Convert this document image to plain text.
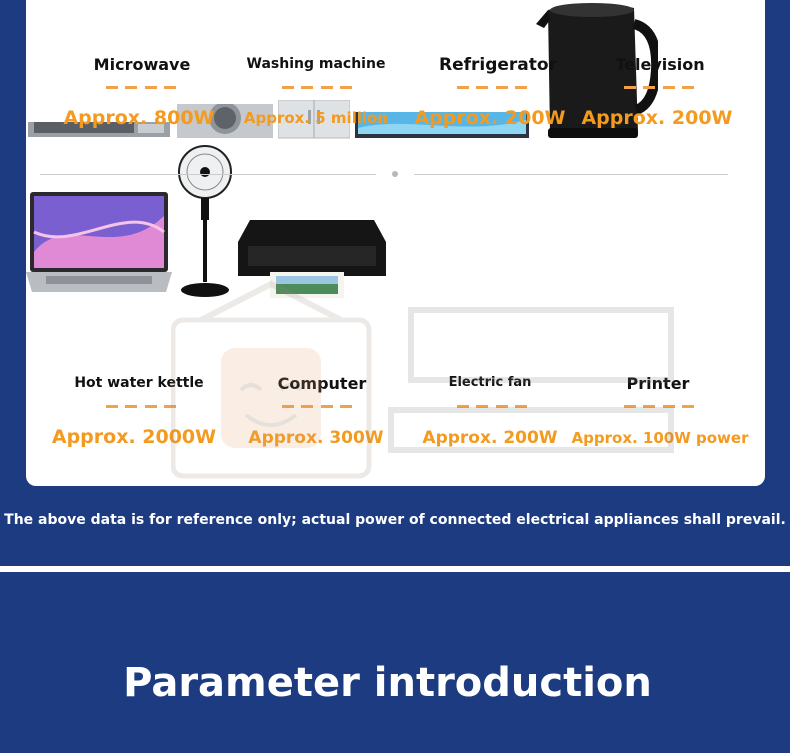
Microwave	Washing machine	Refrigerator	Television
Approx. 800W	Approx. 5 million	Approx. 200W Approx. 200W

Hot water kettle	Computer	Electric fan	Printer
Approx. 2000W	Approx. 300W	Approx. 200W Approx. 100W power
The above data is for reference only; actual power of connected electrical appliances shall prevail.
Parameter introduction
